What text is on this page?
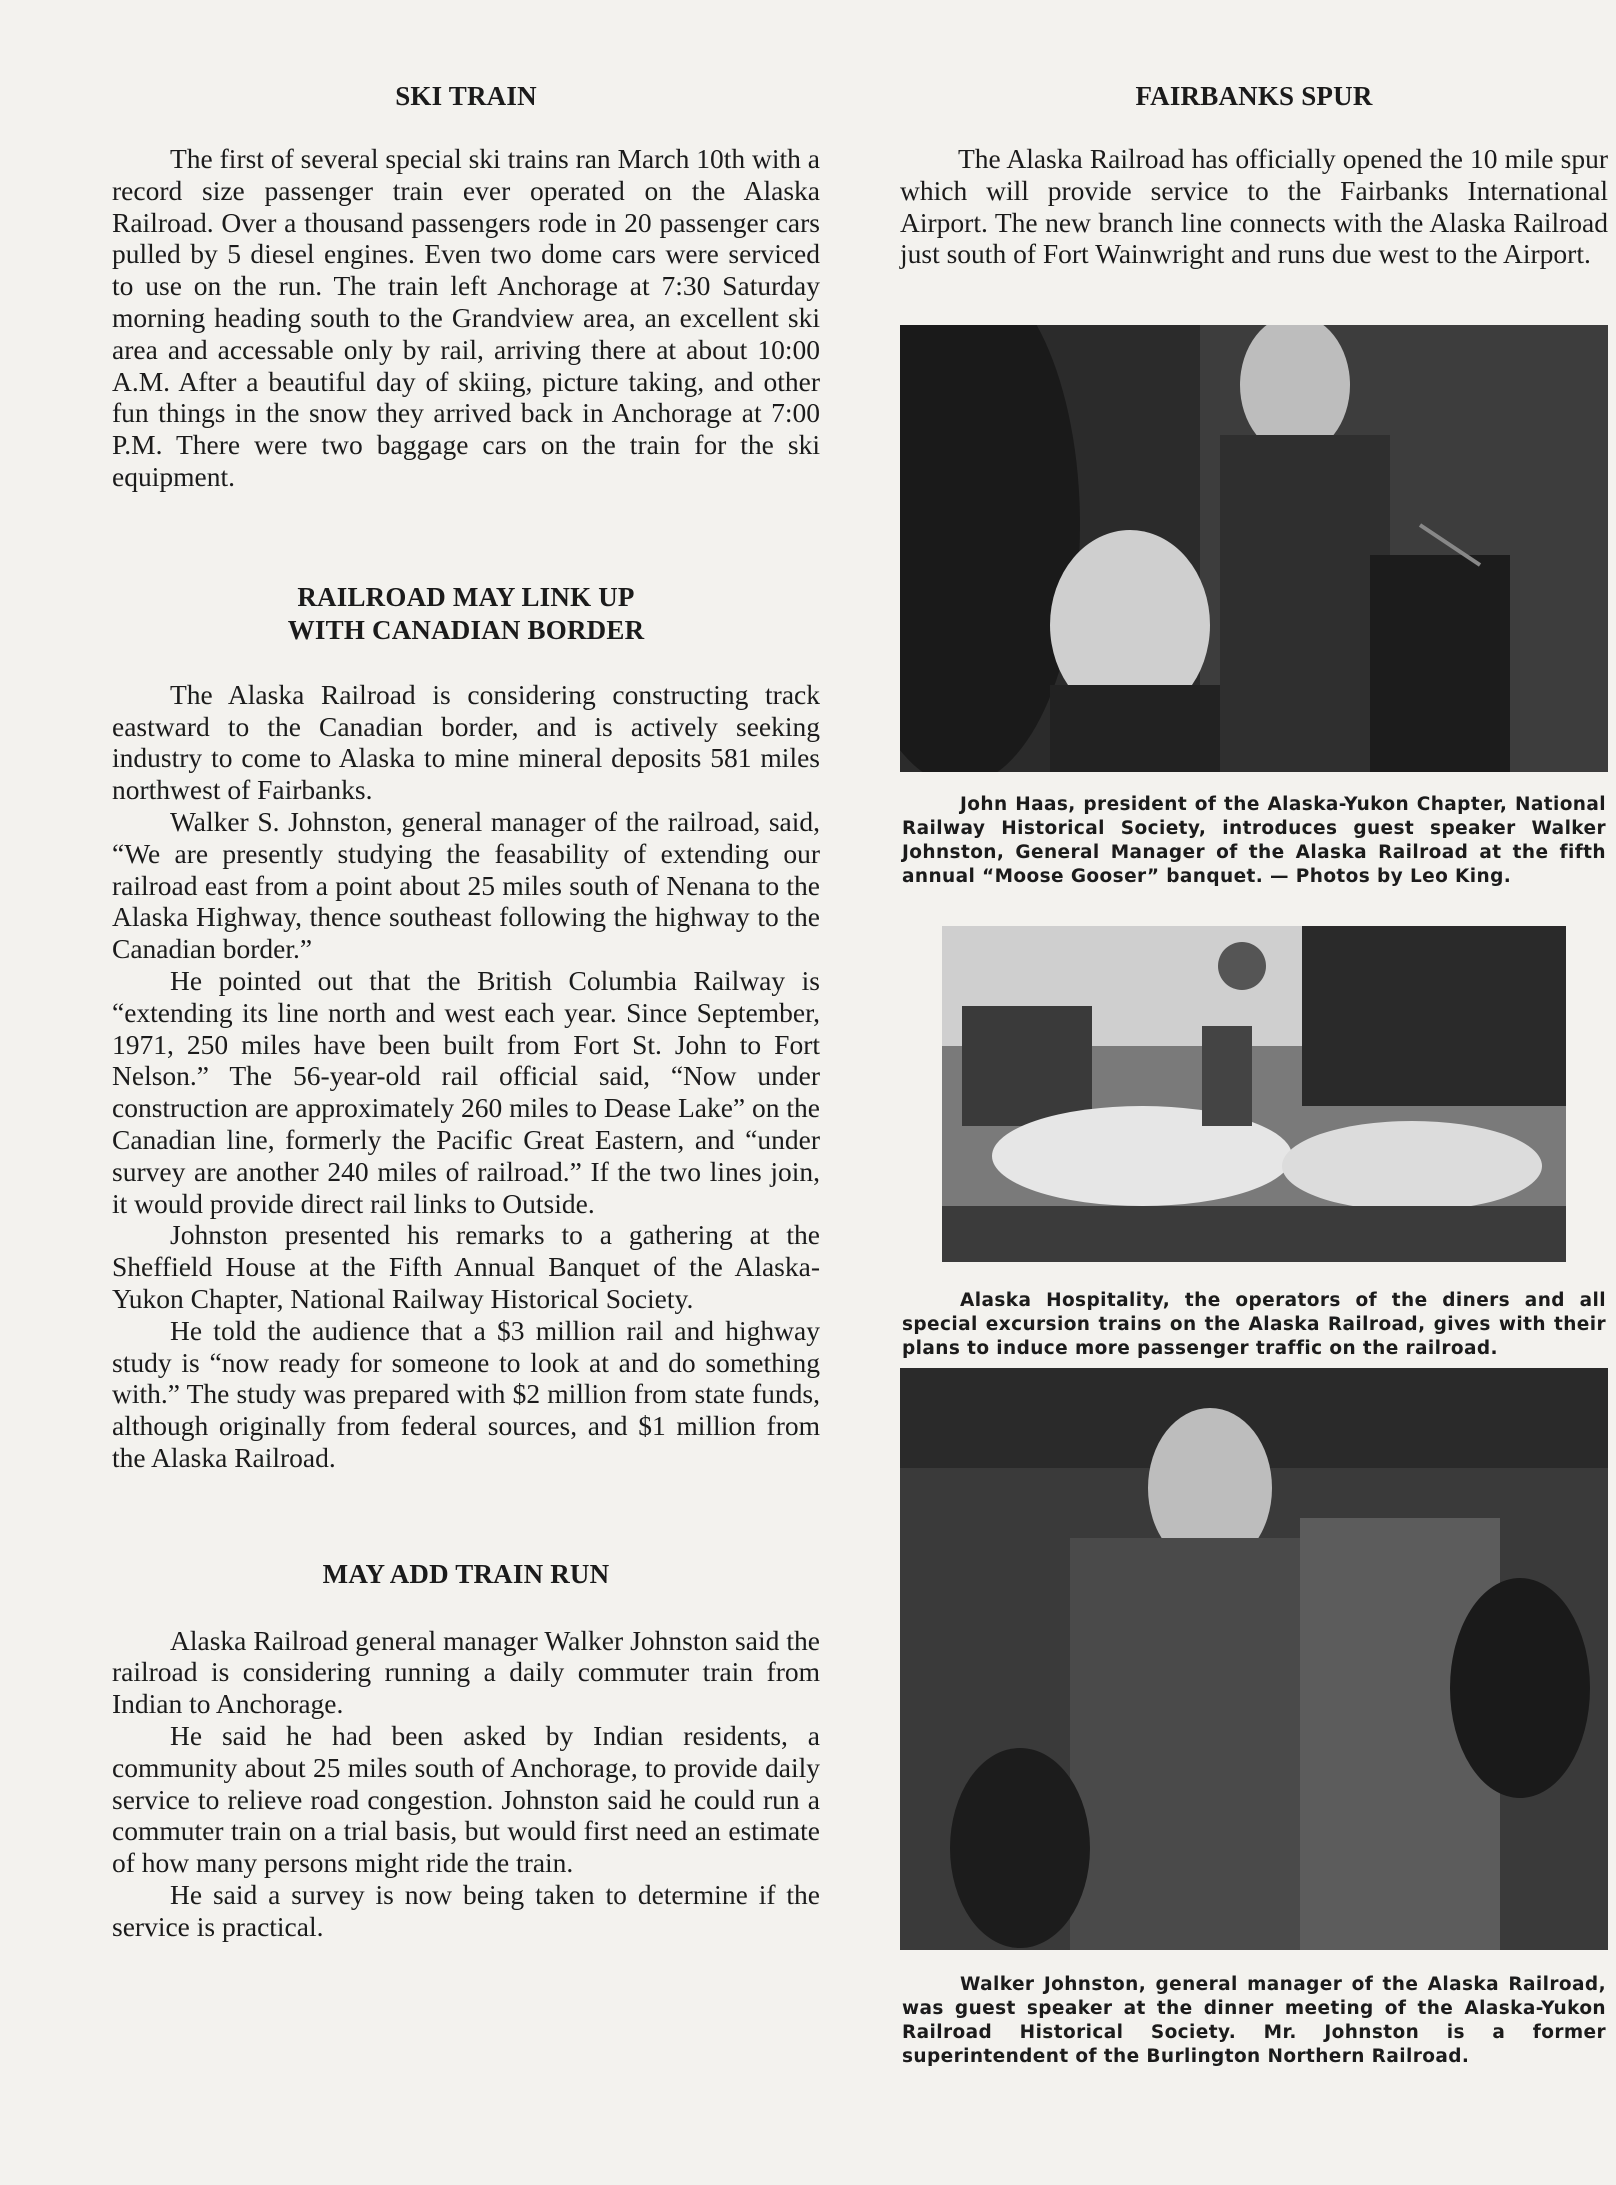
SKI TRAIN

The first of several special ski trains ran March 10th with a record size passenger train ever operated on the Alaska Railroad. Over a thousand passengers rode in 20 passenger cars pulled by 5 diesel engines. Even two dome cars were serviced to use on the run. The train left Anchorage at 7:30 Saturday morning heading south to the Grandview area, an excellent ski area and accessable only by rail, arriving there at about 10:00 A.M. After a beautiful day of skiing, picture taking, and other fun things in the snow they arrived back in Anchorage at 7:00 P.M. There were two baggage cars on the train for the ski equipment.

RAILROAD MAY LINK UP
WITH CANADIAN BORDER

The Alaska Railroad is considering constructing track eastward to the Canadian border, and is actively seeking industry to come to Alaska to mine mineral deposits 581 miles northwest of Fairbanks.

Walker S. Johnston, general manager of the railroad, said, “We are presently studying the feasability of extending our railroad east from a point about 25 miles south of Nenana to the Alaska Highway, thence southeast following the highway to the Canadian border.”

He pointed out that the British Columbia Railway is “extending its line north and west each year. Since September, 1971, 250 miles have been built from Fort St. John to Fort Nelson.” The 56-year-old rail official said, “Now under construction are approximately 260 miles to Dease Lake” on the Canadian line, formerly the Pacific Great Eastern, and “under survey are another 240 miles of railroad.” If the two lines join, it would provide direct rail links to Outside.

Johnston presented his remarks to a gathering at the Sheffield House at the Fifth Annual Banquet of the Alaska-Yukon Chapter, National Railway Historical Society.

He told the audience that a $3 million rail and highway study is “now ready for someone to look at and do something with.” The study was prepared with $2 million from state funds, although originally from federal sources, and $1 million from the Alaska Railroad.

MAY ADD TRAIN RUN

Alaska Railroad general manager Walker Johnston said the railroad is considering running a daily commuter train from Indian to Anchorage.

He said he had been asked by Indian residents, a community about 25 miles south of Anchorage, to provide daily service to relieve road congestion. Johnston said he could run a commuter train on a trial basis, but would first need an estimate of how many persons might ride the train.

He said a survey is now being taken to determine if the service is practical.

FAIRBANKS SPUR

The Alaska Railroad has officially opened the 10 mile spur which will provide service to the Fairbanks International Airport. The new branch line connects with the Alaska Railroad just south of Fort Wainwright and runs due west to the Airport.

John Haas, president of the Alaska-Yukon Chapter, National Railway Historical Society, introduces guest speaker Walker Johnston, General Manager of the Alaska Railroad at the fifth annual “Moose Gooser” banquet. — Photos by Leo King.

Alaska Hospitality, the operators of the diners and all special excursion trains on the Alaska Railroad, gives with their plans to induce more passenger traffic on the railroad.

Walker Johnston, general manager of the Alaska Railroad, was guest speaker at the dinner meeting of the Alaska-Yukon Railroad Historical Society. Mr. Johnston is a former superintendent of the Burlington Northern Railroad.
